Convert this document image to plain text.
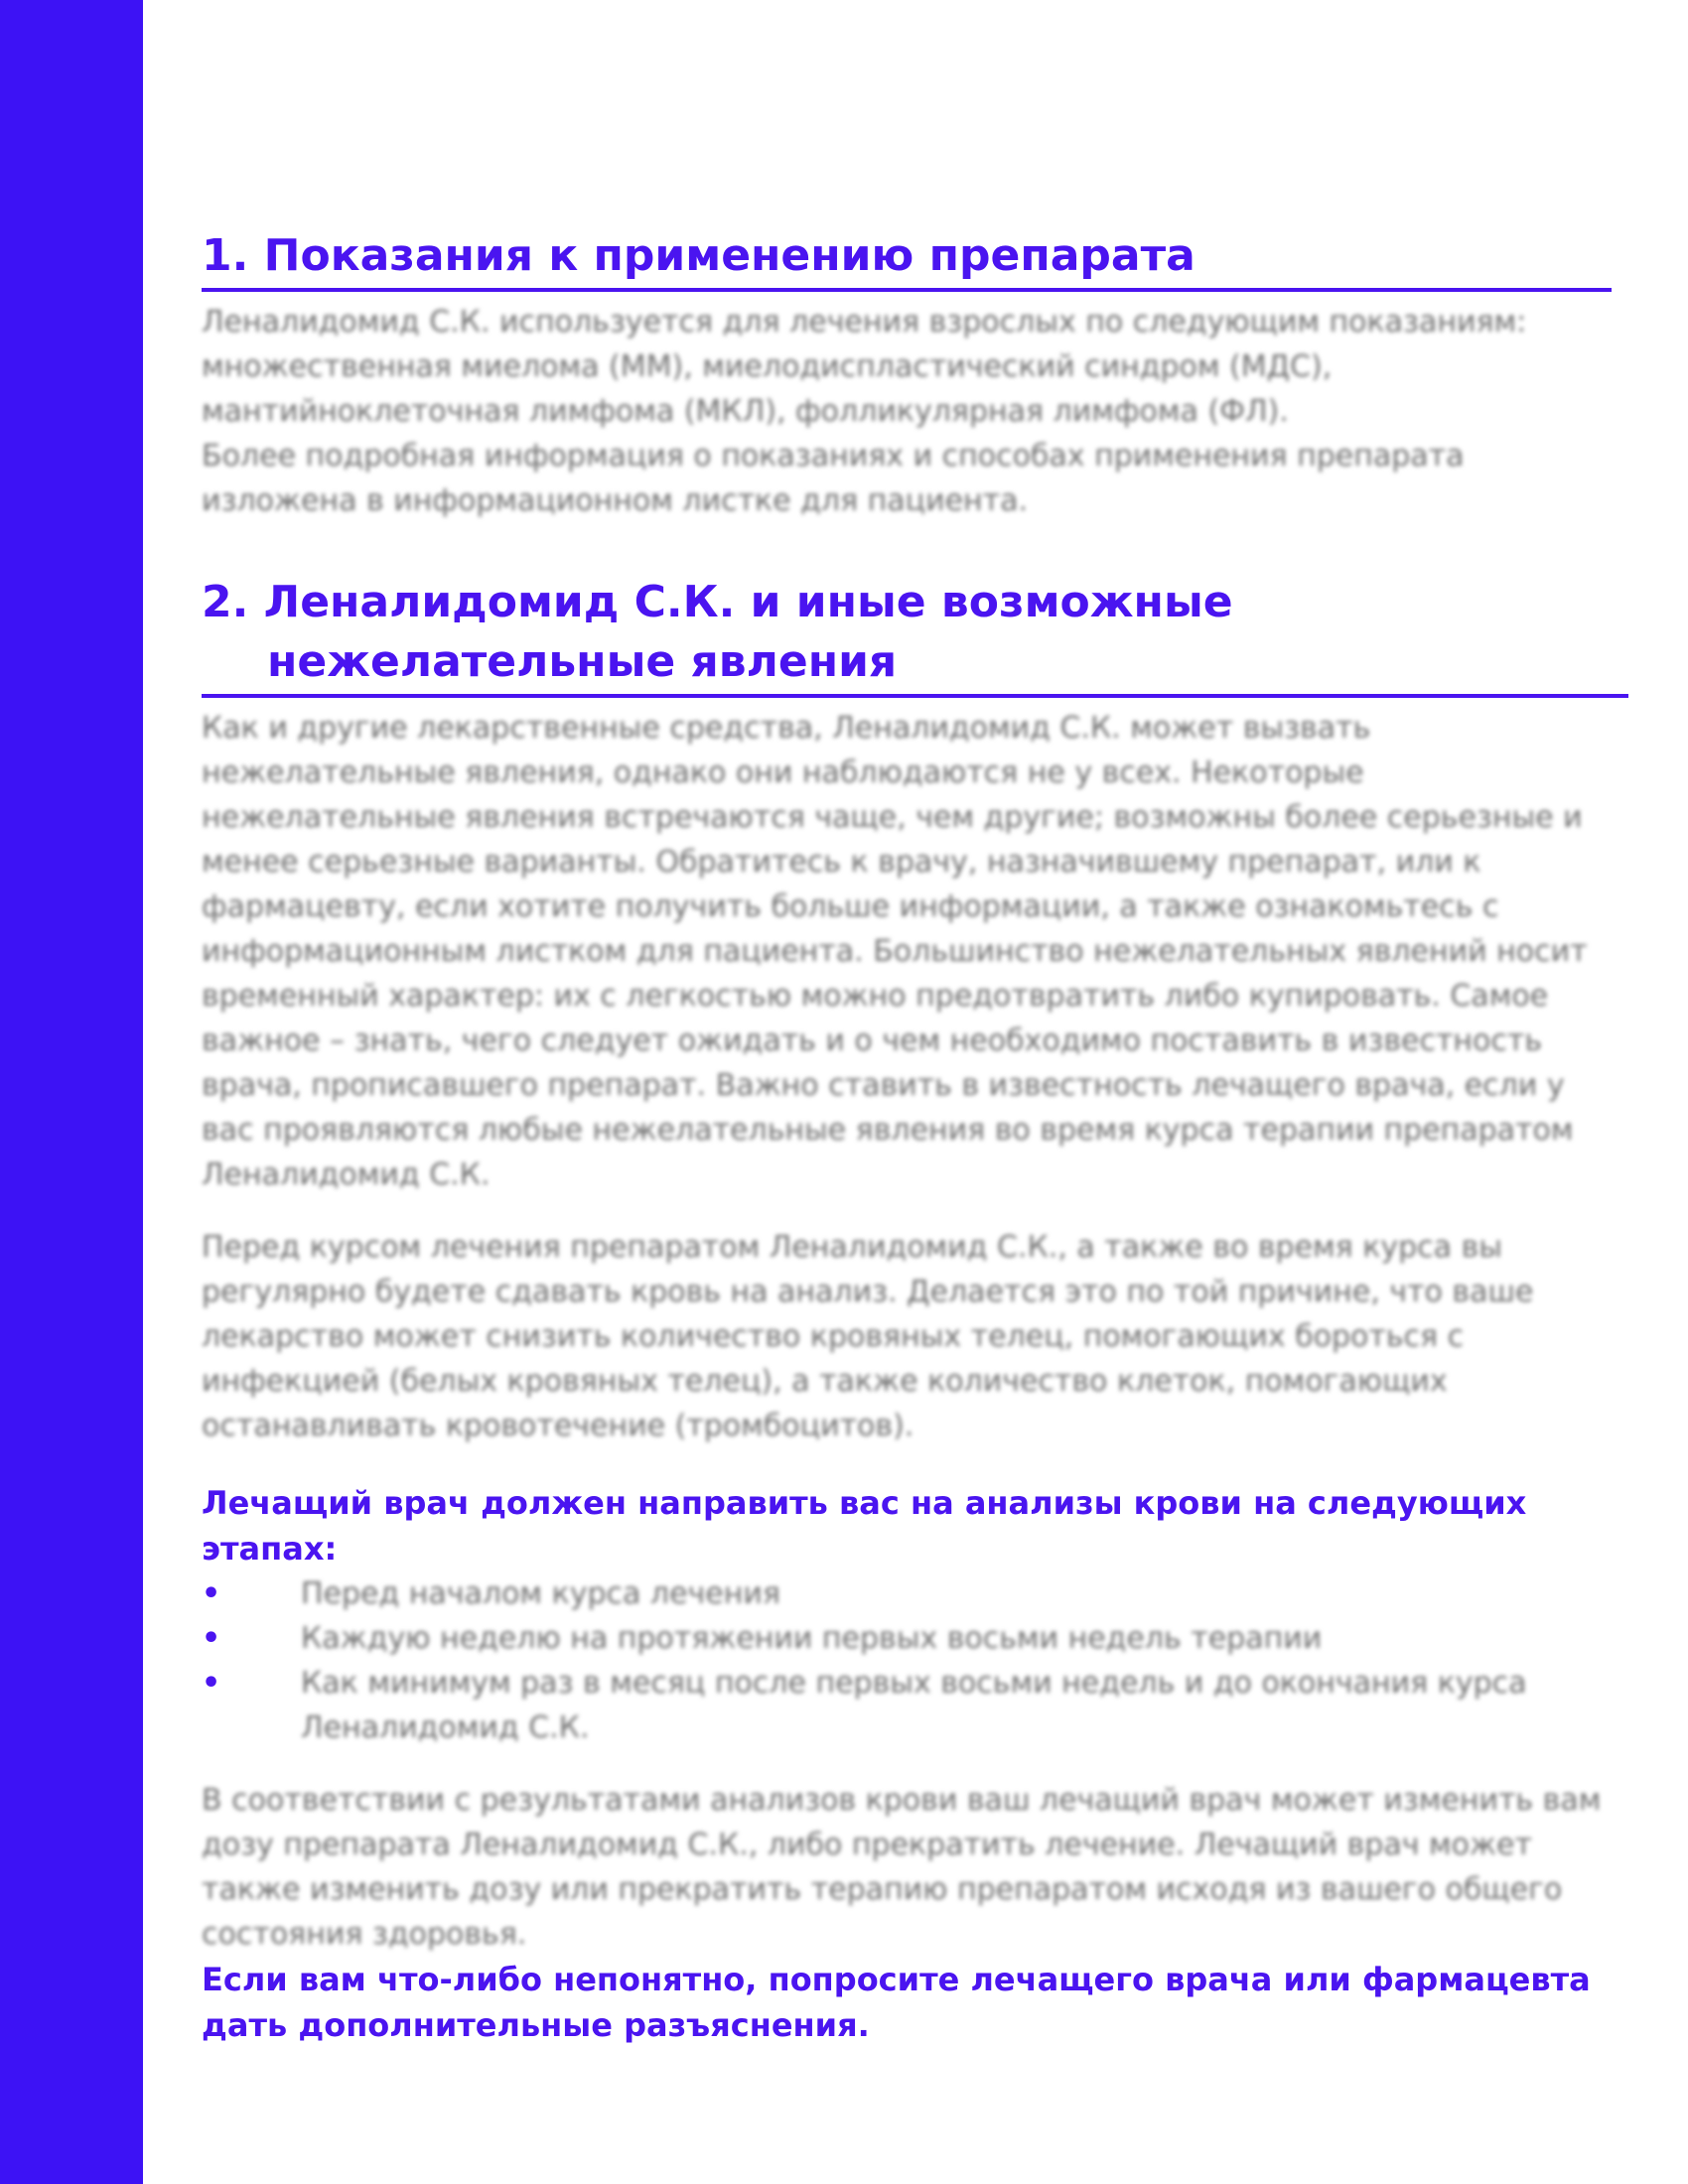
1. Показания к применению препарата

Леналидомид С.К. используется для лечения взрослых по следующим показаниям: множественная миелома (ММ), миелодиспластический синдром (МДС), мантийноклеточная лимфома (МКЛ), фолликулярная лимфома (ФЛ).

Более подробная информация о показаниях и способах применения препарата изложена в информационном листке для пациента.

2. Леналидомид С.К. и иные возможные
нежелательные явления

Как и другие лекарственные средства, Леналидомид С.К. может вызвать нежелательные явления, однако они наблюдаются не у всех. Некоторые нежелательные явления встречаются чаще, чем другие; возможны более серьезные и менее серьезные варианты. Обратитесь к врачу, назначившему препарат, или к фармацевту, если хотите получить больше информации, а также ознакомьтесь с информационным листком для пациента. Большинство нежелательных явлений носит временный характер: их с легкостью можно предотвратить либо купировать. Самое важное – знать, чего следует ожидать и о чем необходимо поставить в известность врача, прописавшего препарат. Важно ставить в известность лечащего врача, если у вас проявляются любые нежелательные явления во время курса терапии препаратом Леналидомид С.К.

Перед курсом лечения препаратом Леналидомид С.К., а также во время курса вы регулярно будете сдавать кровь на анализ. Делается это по той причине, что ваше лекарство может снизить количество кровяных телец, помогающих бороться с инфекцией (белых кровяных телец), а также количество клеток, помогающих останавливать кровотечение (тромбоцитов).

Лечащий врач должен направить вас на анализы крови на следующих этапах:

•	Перед началом курса лечения
•	Каждую неделю на протяжении первых восьми недель терапии
•	Как минимум раз в месяц после первых восьми недель и до окончания курса Леналидомид С.К.

В соответствии с результатами анализов крови ваш лечащий врач может изменить вам дозу препарата Леналидомид С.К., либо прекратить лечение. Лечащий врач может также изменить дозу или прекратить терапию препаратом исходя из вашего общего состояния здоровья.

Если вам что-либо непонятно, попросите лечащего врача или фармацевта дать дополнительные разъяснения.
